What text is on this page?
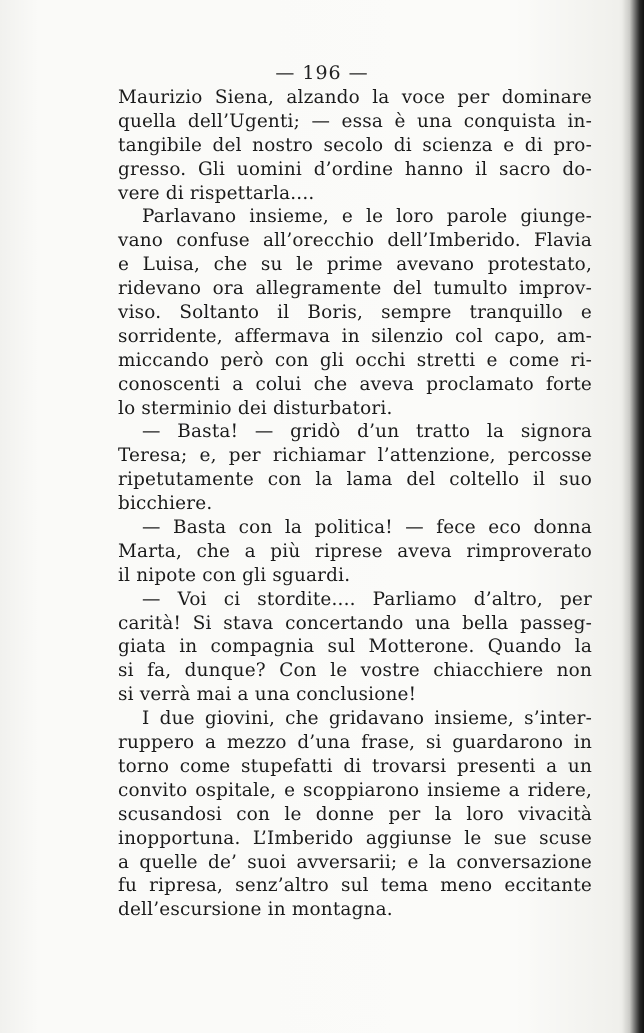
— 196 —
Maurizio Siena, alzando la voce per dominare
quella dell’Ugenti; — essa è una conquista in-
tangibile del nostro secolo di scienza e di pro-
gresso. Gli uomini d’ordine hanno il sacro do-
vere di rispettarla....
Parlavano insieme, e le loro parole giunge-
vano confuse all’orecchio dell’Imberido. Flavia
e Luisa, che su le prime avevano protestato,
ridevano ora allegramente del tumulto improv-
viso. Soltanto il Boris, sempre tranquillo e
sorridente, affermava in silenzio col capo, am-
miccando però con gli occhi stretti e come ri-
conoscenti a colui che aveva proclamato forte
lo sterminio dei disturbatori.
— Basta! — gridò d’un tratto la signora
Teresa; e, per richiamar l’attenzione, percosse
ripetutamente con la lama del coltello il suo
bicchiere.
— Basta con la politica! — fece eco donna
Marta, che a più riprese aveva rimproverato
il nipote con gli sguardi.
— Voi ci stordite.... Parliamo d’altro, per
carità! Si stava concertando una bella passeg-
giata in compagnia sul Motterone. Quando la
si fa, dunque? Con le vostre chiacchiere non
si verrà mai a una conclusione!
I due giovini, che gridavano insieme, s’inter-
ruppero a mezzo d’una frase, si guardarono in
torno come stupefatti di trovarsi presenti a un
convito ospitale, e scoppiarono insieme a ridere,
scusandosi con le donne per la loro vivacità
inopportuna. L’Imberido aggiunse le sue scuse
a quelle de’ suoi avversarii; e la conversazione
fu ripresa, senz’altro sul tema meno eccitante
dell’escursione in montagna.
